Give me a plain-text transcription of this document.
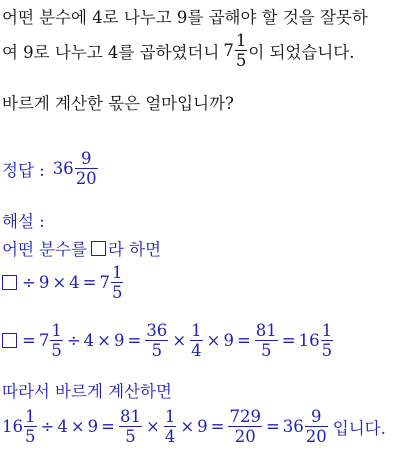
어떤 분수에 4로 나누고 9를 곱해야 할 것을 잘못하
여 9로 나누고 4를 곱하였더니 $7 \frac{1}{5}$ 이 되었습니다.
바르게 계산한 몫은 얼마입니까?
정답 : $36 \frac{9}{20}$
해설 :
어떤 분수를 라 하면
÷ $9 \times 4 = 7 \frac{1}{5}$
= $7 \frac{1}{5} \div 4 \times 9 = \frac{36}{5} \times \frac{1}{4} \times 9 = \frac{81}{5} = 16 \frac{1}{5}$
따라서 바르게 계산하면
$16 \frac{1}{5} \div 4 \times 9 = \frac{81}{5} \times \frac{1}{4} \times 9 = \frac{729}{20} = 36 \frac{9}{20}$ 입니다.
